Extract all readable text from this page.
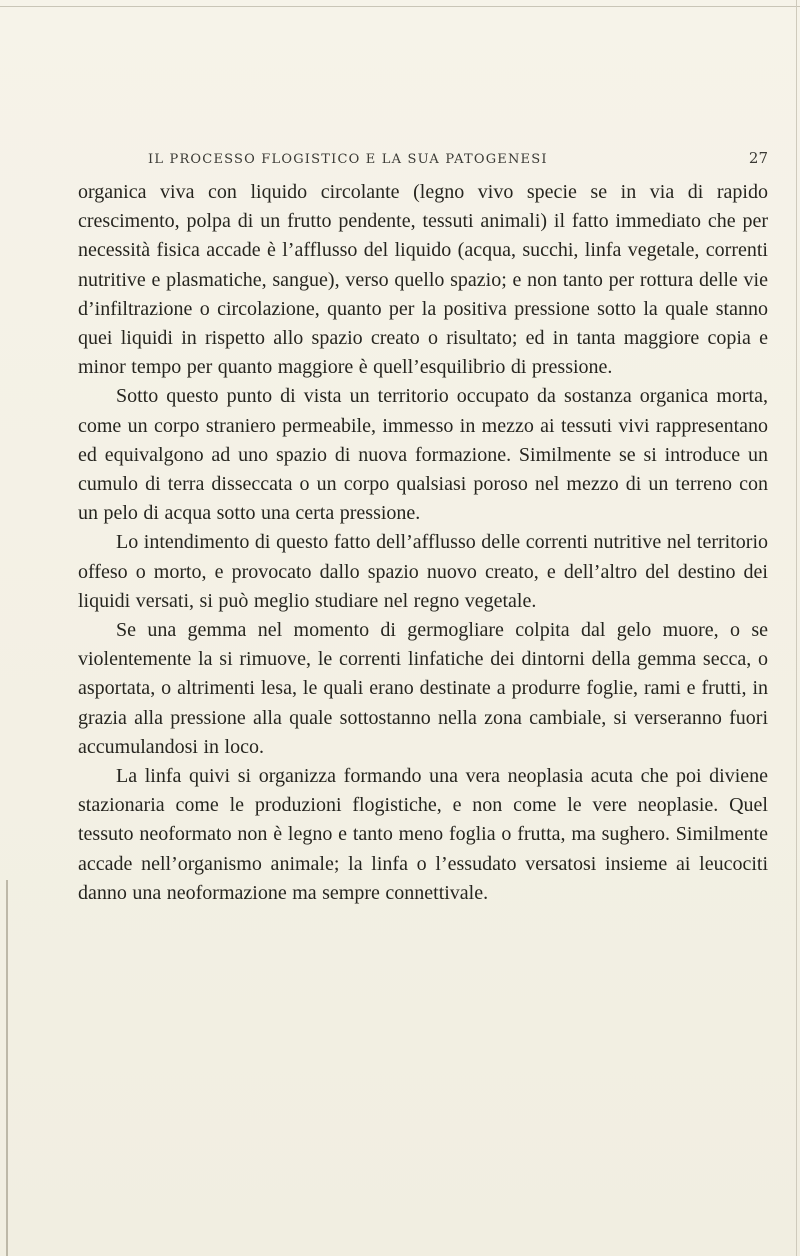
IL PROCESSO FLOGISTICO E LA SUA PATOGENESI	27

organica viva con liquido circolante (legno vivo specie se in via di rapido crescimento, polpa di un frutto pendente, tessuti animali) il fatto immediato che per necessità fisica accade è l’afflusso del liquido (acqua, succhi, linfa vegetale, correnti nutritive e plasmatiche, sangue), verso quello spazio; e non tanto per rottura delle vie d’infiltrazione o circolazione, quanto per la positiva pressione sotto la quale stanno quei liquidi in rispetto allo spazio creato o risultato; ed in tanta maggiore copia e minor tempo per quanto maggiore è quell’esquilibrio di pressione.

Sotto questo punto di vista un territorio occupato da sostanza organica morta, come un corpo straniero permeabile, immesso in mezzo ai tessuti vivi rappresentano ed equivalgono ad uno spazio di nuova formazione. Similmente se si introduce un cumulo di terra disseccata o un corpo qualsiasi poroso nel mezzo di un terreno con un pelo di acqua sotto una certa pressione.

Lo intendimento di questo fatto dell’afflusso delle correnti nutritive nel territorio offeso o morto, e provocato dallo spazio nuovo creato, e dell’altro del destino dei liquidi versati, si può meglio studiare nel regno vegetale.

Se una gemma nel momento di germogliare colpita dal gelo muore, o se violentemente la si rimuove, le correnti linfatiche dei dintorni della gemma secca, o asportata, o altrimenti lesa, le quali erano destinate a produrre foglie, rami e frutti, in grazia alla pressione alla quale sottostanno nella zona cambiale, si verseranno fuori accumulandosi in loco.

La linfa quivi si organizza formando una vera neoplasia acuta che poi diviene stazionaria come le produzioni flogistiche, e non come le vere neoplasie. Quel tessuto neoformato non è legno e tanto meno foglia o frutta, ma sughero. Similmente accade nell’organismo animale; la linfa o l’essudato versatosi insieme ai leucociti danno una neoformazione ma sempre connettivale.
